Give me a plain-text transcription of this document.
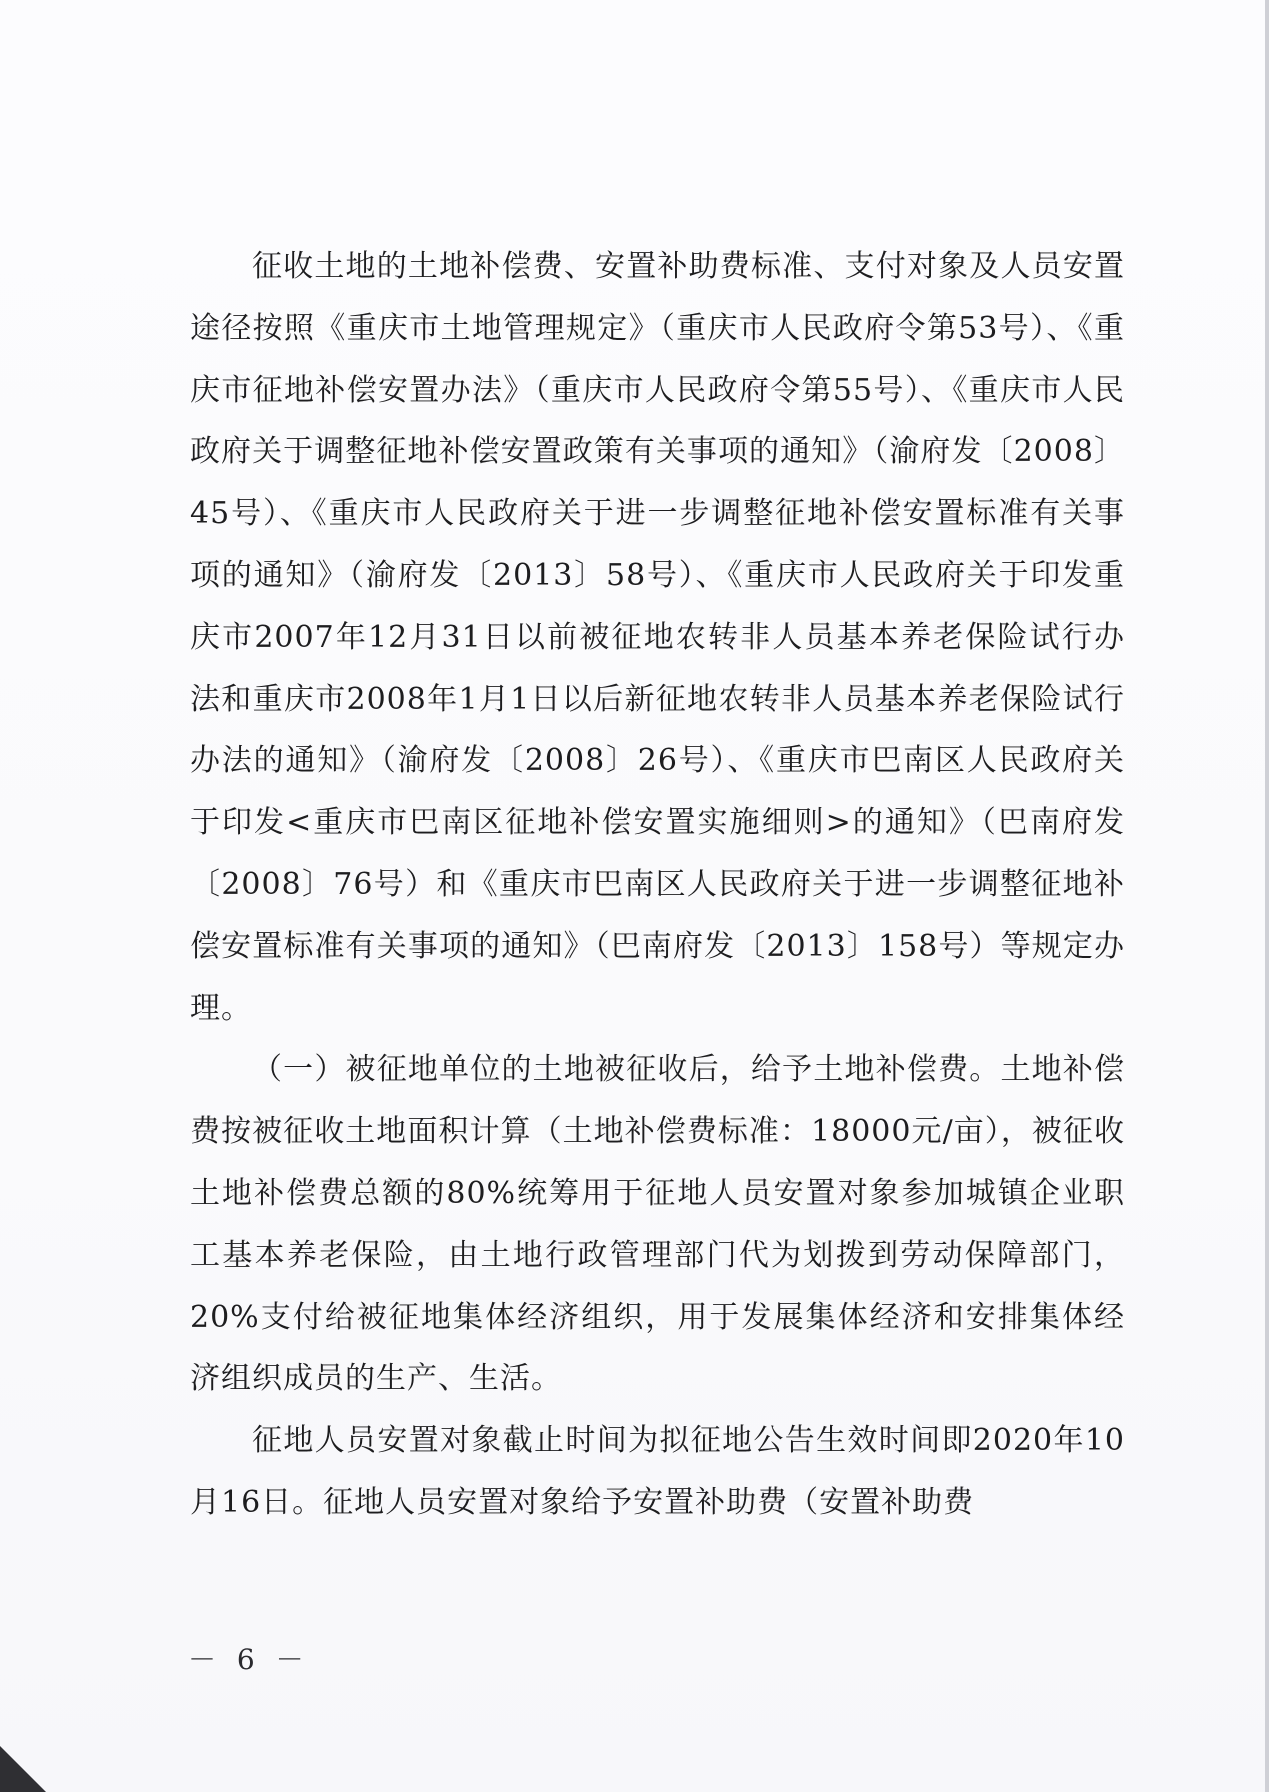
征收土地的土地补偿费、安置补助费标准、支付对象及人员安置途径按照《重庆市土地管理规定》（重庆市人民政府令第53号）、《重庆市征地补偿安置办法》（重庆市人民政府令第55号）、《重庆市人民政府关于调整征地补偿安置政策有关事项的通知》（渝府发〔2008〕45号）、《重庆市人民政府关于进一步调整征地补偿安置标准有关事项的通知》（渝府发〔2013〕58号）、《重庆市人民政府关于印发重庆市2007年12月31日以前被征地农转非人员基本养老保险试行办法和重庆市2008年1月1日以后新征地农转非人员基本养老保险试行办法的通知》（渝府发〔2008〕26号）、《重庆市巴南区人民政府关于印发<重庆市巴南区征地补偿安置实施细则>的通知》（巴南府发〔2008〕76号）和《重庆市巴南区人民政府关于进一步调整征地补偿安置标准有关事项的通知》（巴南府发〔2013〕158号）等规定办理。

（一）被征地单位的土地被征收后，给予土地补偿费。土地补偿费按被征收土地面积计算（土地补偿费标准：18000元/亩），被征收土地补偿费总额的80%统筹用于征地人员安置对象参加城镇企业职工基本养老保险，由土地行政管理部门代为划拨到劳动保障部门，20%支付给被征地集体经济组织，用于发展集体经济和安排集体经济组织成员的生产、生活。

征地人员安置对象截止时间为拟征地公告生效时间即2020年10月16日。征地人员安置对象给予安置补助费（安置补助费

－ 6 －
